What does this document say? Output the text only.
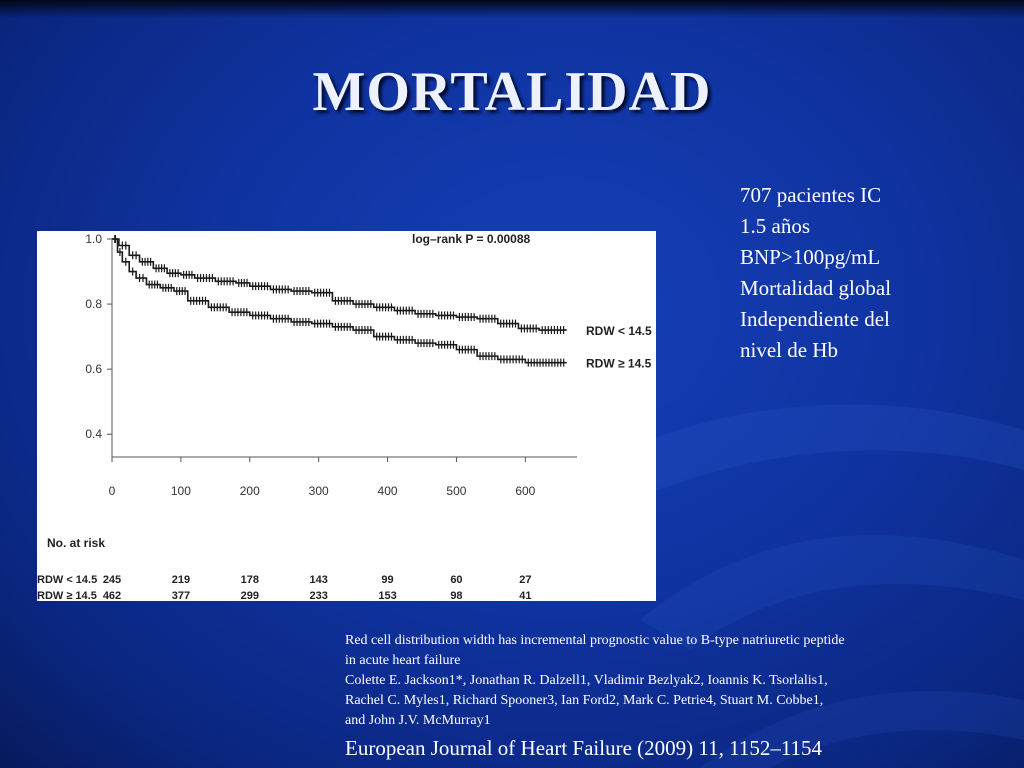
MORTALIDAD
707 pacientes IC
1.5 años
BNP>100pg/mL
Mortalidad global
Independiente del
nivel de Hb
0.4
0.6
0.8
1.0
0	100	200	300	400	500	600
log–rank P = 0.00088
RDW < 14.5
RDW ≥ 14.5
No. at risk
RDW < 14.5 245	219	178	143	99	60	27
RDW ≥ 14.5 462	377	299	233	153	98	41
Red cell distribution width has incremental prognostic value to B-type natriuretic peptide
in acute heart failure
Colette E. Jackson1*, Jonathan R. Dalzell1, Vladimir Bezlyak2, Ioannis K. Tsorlalis1,
Rachel C. Myles1, Richard Spooner3, Ian Ford2, Mark C. Petrie4, Stuart M. Cobbe1,
and John J.V. McMurray1
European Journal of Heart Failure (2009) 11, 1152–1154
